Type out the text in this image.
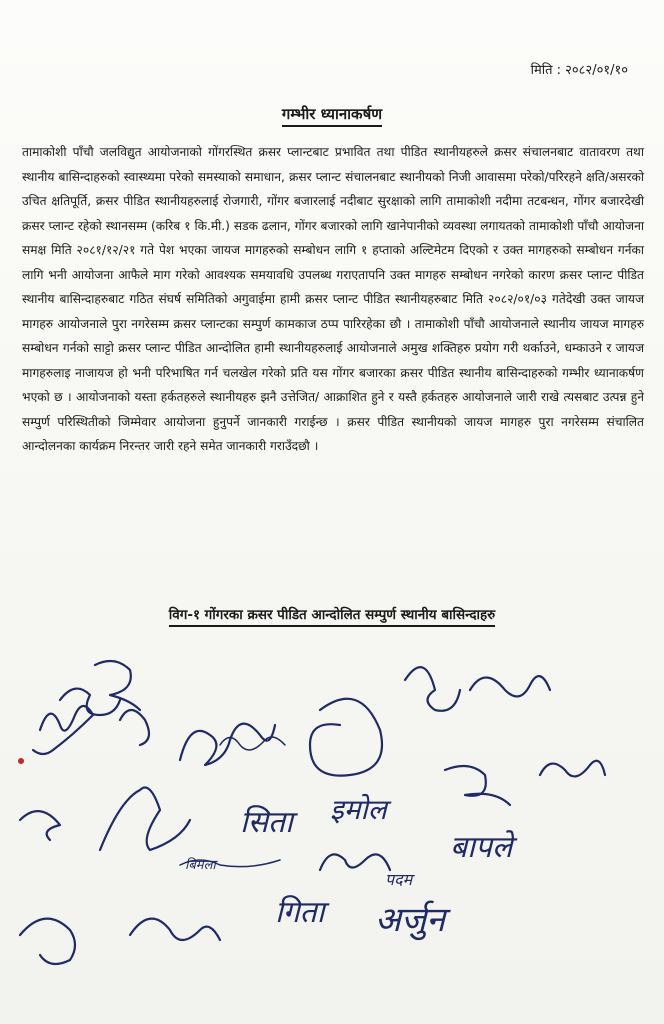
मिति : २०८२/०१/१०
गम्भीर ध्यानाकर्षण
तामाकोशी पाँचौ जलविद्युत आयोजनाको गोंगरस्थित क्रसर प्लान्टबाट प्रभावित तथा पीडित स्थानीयहरुले क्रसर संचालनबाट वातावरण तथा स्थानीय बासिन्दाहरुको स्वास्थ्यमा परेको समस्याको समाधान, क्रसर प्लान्ट संचालनबाट स्थानीयको निजी आवासमा परेको/परिरहने क्षति/असरको उचित क्षतिपूर्ति, क्रसर पीडित स्थानीयहरुलाई रोजगारी, गोंगर बजारलाई नदीबाट सुरक्षाको लागि तामाकोशी नदीमा तटबन्धन, गोंगर बजारदेखी क्रसर प्लान्ट रहेको स्थानसम्म (करिब १ कि.मी.) सडक ढलान, गोंगर बजारको लागि खानेपानीको व्यवस्था लगायतको तामाकोशी पाँचौ आयोजना समक्ष मिति २०८१/१२/२१ गते पेश भएका जायज मागहरुको सम्बोधन लागि १ हप्ताको अल्टिमेटम दिएको र उक्त मागहरुको सम्बोधन गर्नका लागि भनी आयोजना आफैले माग गरेको आवश्यक समयावधि उपलब्ध गराएतापनि उक्त मागहरु सम्बोधन नगरेको कारण क्रसर प्लान्ट पीडित स्थानीय बासिन्दाहरुबाट गठित संघर्ष समितिको अगुवाईमा हामी क्रसर प्लान्ट पीडित स्थानीयहरुबाट मिति २०८२/०१/०३ गतेदेखी उक्त जायज मागहरु आयोजनाले पुरा नगरेसम्म क्रसर प्लान्टका सम्पुर्ण कामकाज ठप्प पारिरहेका छौ । तामाकोशी पाँचौ आयोजनाले स्थानीय जायज मागहरु सम्बोधन गर्नको साट्टो क्रसर प्लान्ट पीडित आन्दोलित हामी स्थानीयहरुलाई आयोजनाले अमुख शक्तिहरु प्रयोग गरी थर्काउने, धम्काउने र जायज मागहरुलाइ नाजायज हो भनी परिभाषित गर्न चलखेल गरेको प्रति यस गोंगर बजारका क्रसर पीडित स्थानीय बासिन्दाहरुको गम्भीर ध्यानाकर्षण भएको छ । आयोजनाको यस्ता हर्कतहरुले स्थानीयहरु झनै उत्तेजित/ आक्राशित हुने र यस्तै हर्कतहरु आयोजनाले जारी राखे त्यसबाट उत्पन्न हुने सम्पुर्ण परिस्थितीको जिम्मेवार आयोजना हुनुपर्ने जानकारी गराईन्छ । क्रसर पीडित स्थानीयको जायज मागहरु पुरा नगरेसम्म संचालित आन्दोलनका कार्यक्रम निरन्तर जारी रहने समेत जानकारी गराउँदछौ ।
विग-१ गोंगरका क्रसर पीडित आन्दोलित सम्पुर्ण स्थानीय बासिन्दाहरु
सिता इमोल
बापले
पदम
गिता अर्जुन
बिमला
